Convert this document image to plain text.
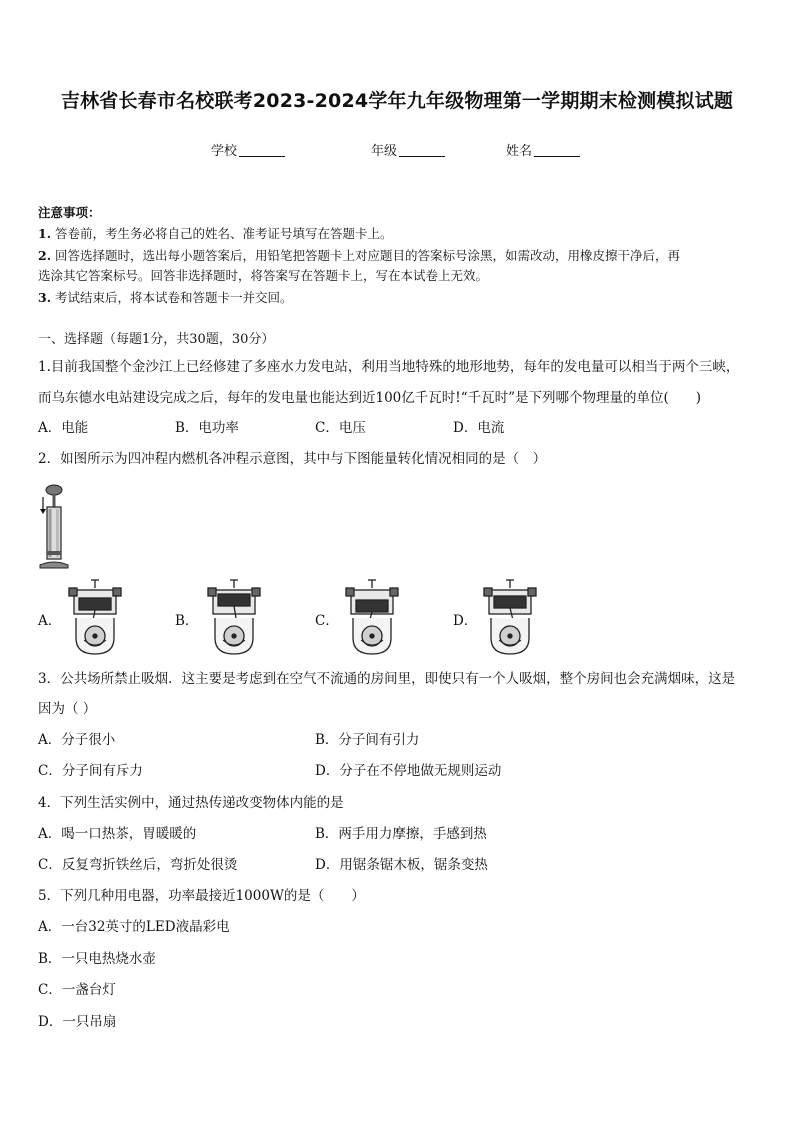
吉林省长春市名校联考2023-2024学年九年级物理第一学期期末检测模拟试题
学校	年级	姓名
注意事项：
1. 答卷前，考生务必将自己的姓名、准考证号填写在答题卡上。
2. 回答选择题时，选出每小题答案后，用铅笔把答题卡上对应题目的答案标号涂黑，如需改动，用橡皮擦干净后，再
选涂其它答案标号。回答非选择题时，将答案写在答题卡上，写在本试卷上无效。
3. 考试结束后，将本试卷和答题卡一并交回。
一、选择题（每题1分，共30题，30分）
1.目前我国整个金沙江上已经修建了多座水力发电站，利用当地特殊的地形地势，每年的发电量可以相当于两个三峡，
而乌东德水电站建设完成之后，每年的发电量也能达到近100亿千瓦时!“千瓦时”是下列哪个物理量的单位(　　)
A．电能	B．电功率	C．电压	D．电流
2．如图所示为四冲程内燃机各冲程示意图，其中与下图能量转化情况相同的是（　）
A．	B．	C．	D．
3．公共场所禁止吸烟．这主要是考虑到在空气不流通的房间里，即使只有一个人吸烟，整个房间也会充满烟味，这是
因为（ ）
A．分子很小	B．分子间有引力
C．分子间有斥力	D．分子在不停地做无规则运动
4．下列生活实例中，通过热传递改变物体内能的是
A．喝一口热茶，胃暖暖的	B．两手用力摩擦，手感到热
C．反复弯折铁丝后，弯折处很烫	D．用锯条锯木板，锯条变热
5．下列几种用电器，功率最接近1000W的是（　　）
A．一台32英寸的LED液晶彩电
B．一只电热烧水壶
C．一盏台灯
D．一只吊扇
